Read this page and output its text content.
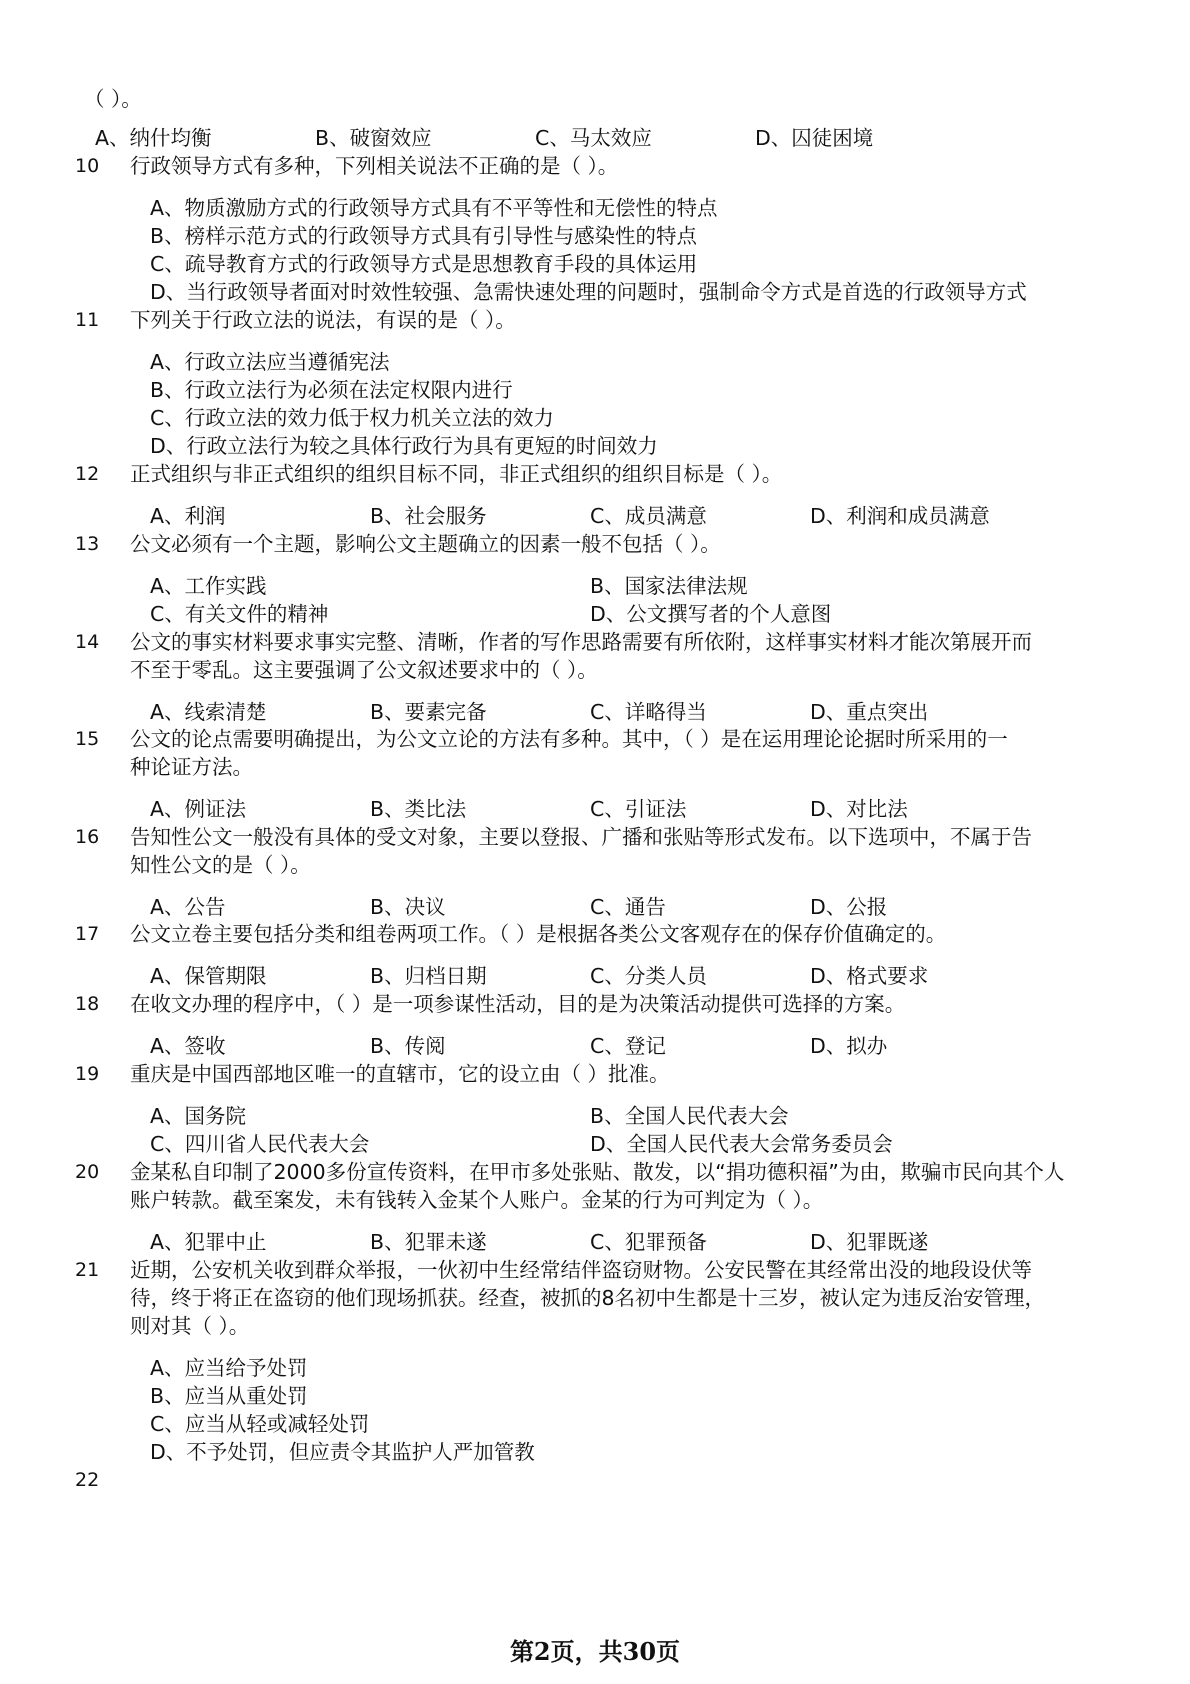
（ ）。
A、纳什均衡	B、破窗效应	C、马太效应	D、囚徒困境
10 行政领导方式有多种，下列相关说法不正确的是（ ）。
A、物质激励方式的行政领导方式具有不平等性和无偿性的特点
B、榜样示范方式的行政领导方式具有引导性与感染性的特点
C、疏导教育方式的行政领导方式是思想教育手段的具体运用
D、当行政领导者面对时效性较强、急需快速处理的问题时，强制命令方式是首选的行政领导方式
11 下列关于行政立法的说法，有误的是（ ）。
A、行政立法应当遵循宪法
B、行政立法行为必须在法定权限内进行
C、行政立法的效力低于权力机关立法的效力
D、行政立法行为较之具体行政行为具有更短的时间效力
12 正式组织与非正式组织的组织目标不同，非正式组织的组织目标是（ ）。
A、利润	B、社会服务	C、成员满意	D、利润和成员满意
13 公文必须有一个主题，影响公文主题确立的因素一般不包括（ ）。
A、工作实践	B、国家法律法规
C、有关文件的精神	D、公文撰写者的个人意图
14 公文的事实材料要求事实完整、清晰，作者的写作思路需要有所依附，这样事实材料才能次第展开而
不至于零乱。这主要强调了公文叙述要求中的（ ）。
A、线索清楚	B、要素完备	C、详略得当	D、重点突出
15 公文的论点需要明确提出，为公文立论的方法有多种。其中，（ ）是在运用理论论据时所采用的一
种论证方法。
A、例证法	B、类比法	C、引证法	D、对比法
16 告知性公文一般没有具体的受文对象，主要以登报、广播和张贴等形式发布。以下选项中，不属于告
知性公文的是（ ）。
A、公告	B、决议	C、通告	D、公报
17 公文立卷主要包括分类和组卷两项工作。（ ）是根据各类公文客观存在的保存价值确定的。
A、保管期限	B、归档日期	C、分类人员	D、格式要求
18 在收文办理的程序中，（ ）是一项参谋性活动，目的是为决策活动提供可选择的方案。
A、签收	B、传阅	C、登记	D、拟办
19 重庆是中国西部地区唯一的直辖市，它的设立由（ ）批准。
A、国务院	B、全国人民代表大会
C、四川省人民代表大会	D、全国人民代表大会常务委员会
20 金某私自印制了2000多份宣传资料，在甲市多处张贴、散发，以“捐功德积福”为由，欺骗市民向其个人
账户转款。截至案发，未有钱转入金某个人账户。金某的行为可判定为（ ）。
A、犯罪中止	B、犯罪未遂	C、犯罪预备	D、犯罪既遂
21 近期，公安机关收到群众举报，一伙初中生经常结伴盗窃财物。公安民警在其经常出没的地段设伏等
待，终于将正在盗窃的他们现场抓获。经查，被抓的8名初中生都是十三岁，被认定为违反治安管理，
则对其（ ）。
A、应当给予处罚
B、应当从重处罚
C、应当从轻或减轻处罚
D、不予处罚，但应责令其监护人严加管教
22
第2页，共30页
